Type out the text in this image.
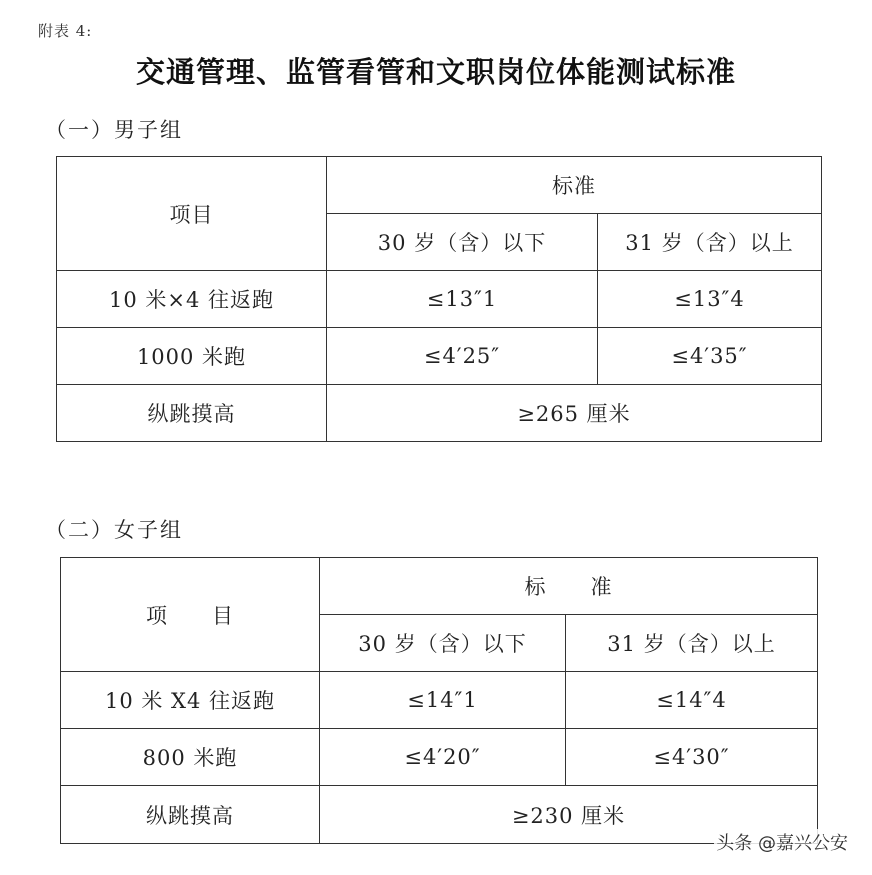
附表 4:
交通管理、监管看管和文职岗位体能测试标准
（一）男子组
项目	标准	
	30 岁（含）以下	31 岁（含）以上
10 米×4 往返跑	≤13″1	≤13″4
1000 米跑	≤4′25″	≤4′35″
纵跳摸高	≥265 厘米	
（二）女子组
项　　目	标　　准	
	30 岁（含）以下	31 岁（含）以上
10 米 X4 往返跑	≤14″1	≤14″4
800 米跑	≤4′20″	≤4′30″
纵跳摸高	≥230 厘米	
头条 @嘉兴公安
